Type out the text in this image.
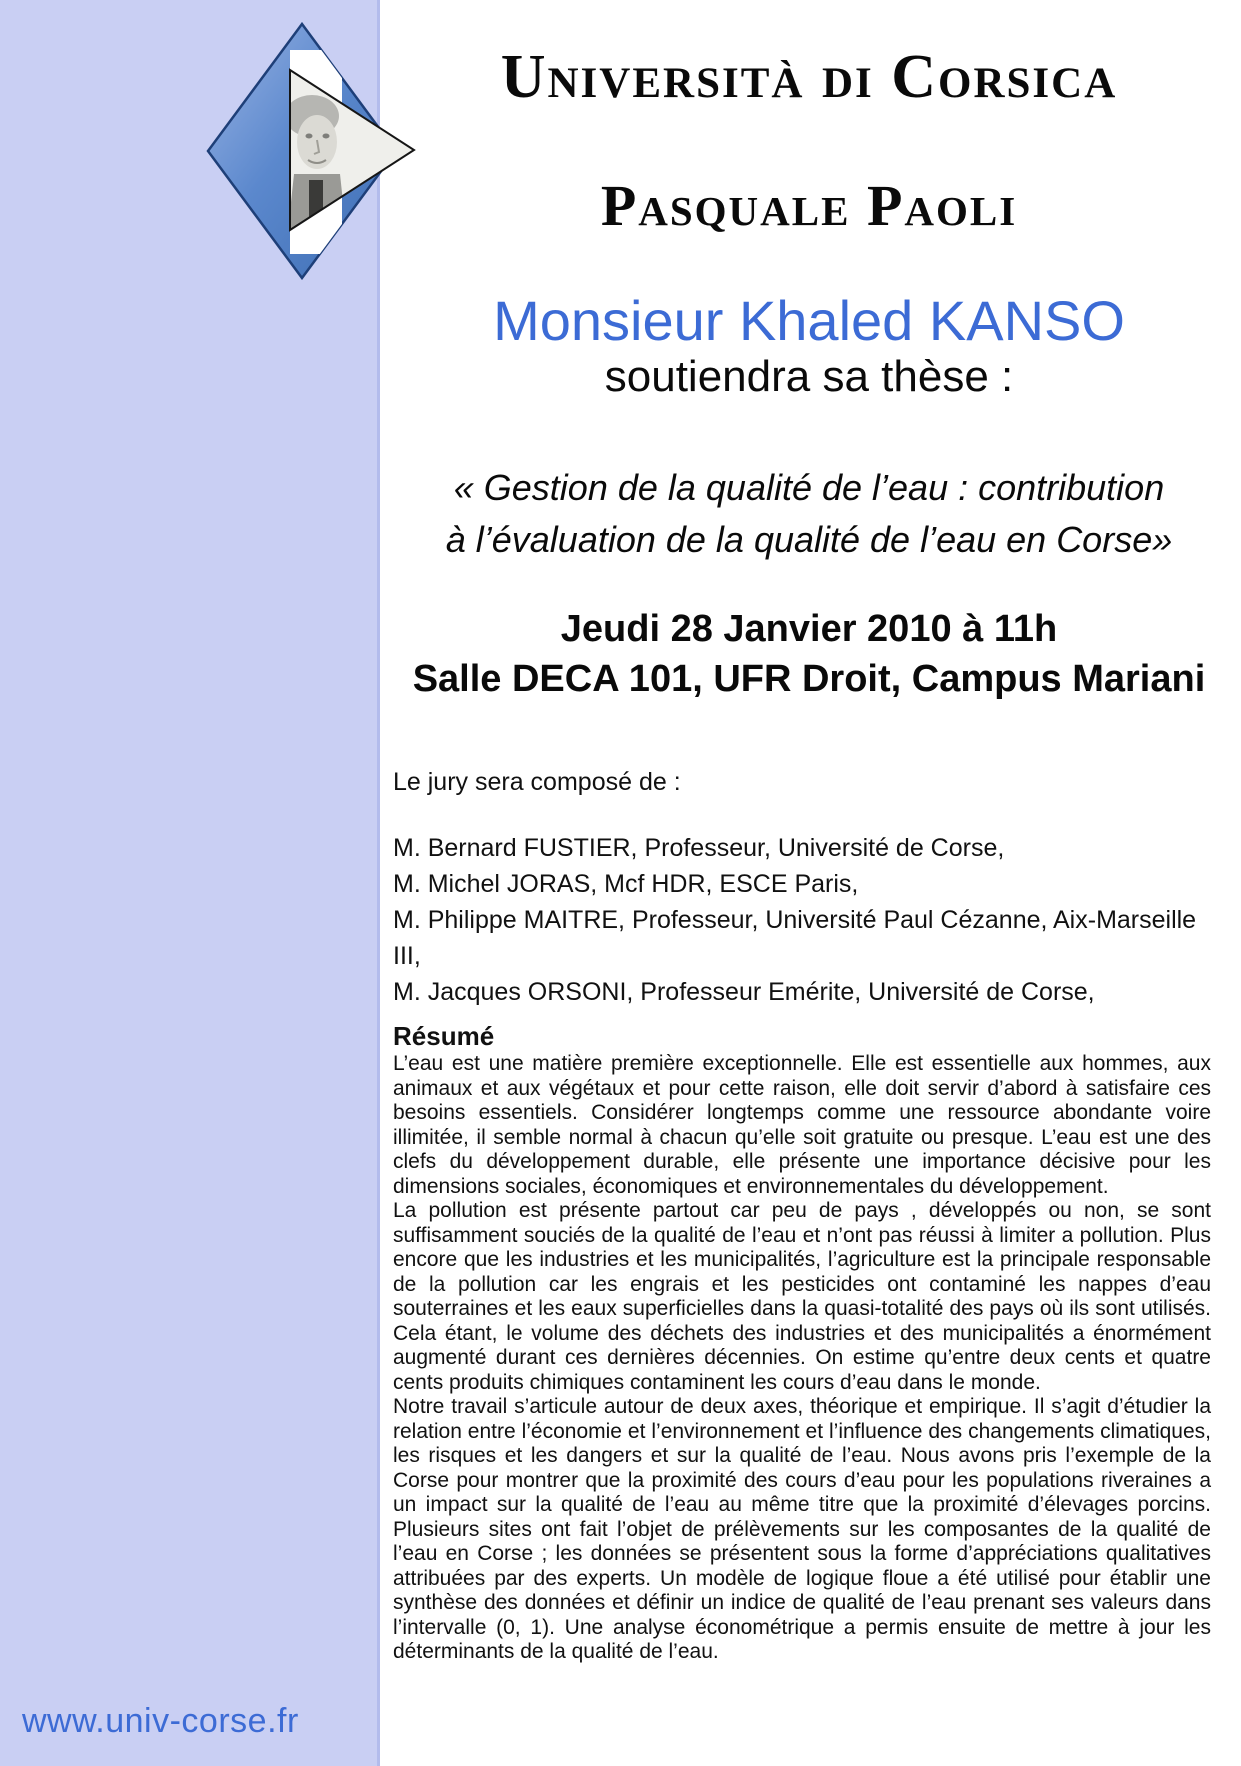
Università di Corsica
Pasquale Paoli
Monsieur Khaled KANSO
soutiendra sa thèse :
« Gestion de la qualité de l’eau : contribution
à l’évaluation de la qualité de l’eau en Corse»
Jeudi 28 Janvier 2010 à 11h
Salle DECA 101, UFR Droit, Campus Mariani
Le jury sera composé de :
M. Bernard FUSTIER, Professeur, Université de Corse,
M. Michel JORAS, Mcf HDR, ESCE Paris,
M. Philippe MAITRE, Professeur, Université Paul Cézanne, Aix-Marseille III,
M. Jacques ORSONI, Professeur Emérite, Université de Corse,
Résumé
L’eau est une matière première exceptionnelle. Elle est essentielle aux hommes, aux animaux et aux végétaux et pour cette raison, elle doit servir d’abord à satisfaire ces besoins essentiels. Considérer longtemps comme une ressource abondante voire illimitée, il semble normal à chacun qu’elle soit gratuite ou presque. L’eau est une des clefs du développement durable, elle présente une importance décisive pour les dimensions sociales, économiques et environnementales du développement.
La pollution est présente partout car peu de pays , développés ou non, se sont suffisamment souciés de la qualité de l’eau et n’ont pas réussi à limiter a pollution. Plus encore que les industries et les municipalités, l’agriculture est la principale responsable de la pollution car les engrais et les pesticides ont contaminé les nappes d’eau souterraines et les eaux superficielles dans la quasi-totalité des pays où ils sont utilisés. Cela étant, le volume des déchets des industries et des municipalités a énormément augmenté durant ces dernières décennies. On estime qu’entre deux cents et quatre cents produits chimiques contaminent les cours d’eau dans le monde.
Notre travail s’articule autour de deux axes, théorique et empirique. Il s’agit d’étudier la relation entre l’économie et l’environnement et l’influence des changements climatiques, les risques et les dangers et sur la qualité de l’eau. Nous avons pris l’exemple de la Corse pour montrer que la proximité des cours d’eau pour les populations riveraines a un impact sur la qualité de l’eau au même titre que la proximité d’élevages porcins. Plusieurs sites ont fait l’objet de prélèvements sur les composantes de la qualité de l’eau en Corse ; les données se présentent sous la forme d’appréciations qualitatives attribuées par des experts. Un modèle de logique floue a été utilisé pour établir une synthèse des données et définir un indice de qualité de l’eau prenant ses valeurs dans l’intervalle (0, 1). Une analyse économétrique a permis ensuite de mettre à jour les déterminants de la qualité de l’eau.
www.univ-corse.fr
